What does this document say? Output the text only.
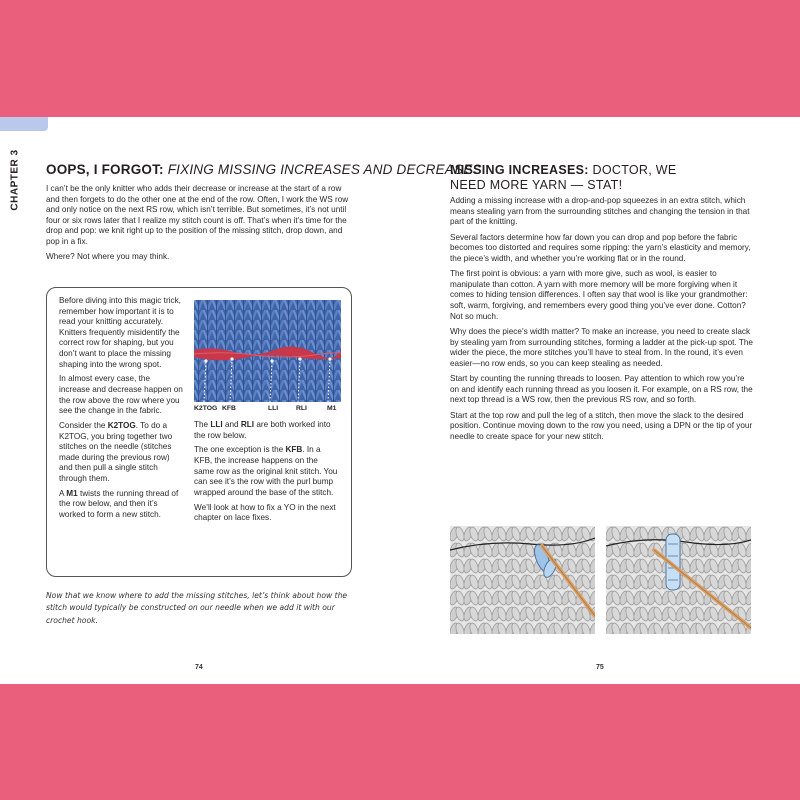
CHAPTER 3 OOPS, I FORGOT: FIXING MISSING INCREASES AND DECREASES

I can’t be the only knitter who adds their decrease or increase at the start of a row and then forgets to do the other one at the end of the row. Often, I work the WS row and only notice on the next RS row, which isn’t terrible. But sometimes, it’s not until four or six rows later that I realize my stitch count is off. That’s when it’s time for the drop and pop: we knit right up to the position of the missing stitch, drop down, and pop in a fix.

Where? Not where you may think.

Before diving into this magic trick, remember how important it is to read your knitting accurately. Knitters frequently misidentify the correct row for shaping, but you don’t want to place the missing shaping into the wrong spot.

In almost every case, the increase and decrease happen on the row above the row where you see the change in the fabric.

Consider the K2TOG. To do a K2TOG, you bring together two stitches on the needle (stitches made during the previous row) and then pull a single stitch through them.

A M1 twists the running thread of the row below, and then it’s worked to form a new stitch.

K2TOG KFB	LLI	RLI	M1

The LLI and RLI are both worked into the row below.

The one exception is the KFB. In a KFB, the increase happens on the same row as the original knit stitch. You can see it’s the row with the purl bump wrapped around the base of the stitch.

We’ll look at how to fix a YO in the next chapter on lace fixes.

Now that we know where to add the missing stitches, let’s think about how the stitch would typically be constructed on our needle when we add it with our crochet hook.
74
MISSING INCREASES: DOCTOR, WE NEED MORE YARN — STAT!

Adding a missing increase with a drop-and-pop squeezes in an extra stitch, which means stealing yarn from the surrounding stitches and changing the tension in that part of the knitting.

Several factors determine how far down you can drop and pop before the fabric becomes too distorted and requires some ripping: the yarn’s elasticity and memory, the piece’s width, and whether you’re working flat or in the round.

The first point is obvious: a yarn with more give, such as wool, is easier to manipulate than cotton. A yarn with more memory will be more forgiving when it comes to hiding tension differences. I often say that wool is like your grandmother: soft, warm, forgiving, and remembers every good thing you’ve ever done. Cotton? Not so much.

Why does the piece’s width matter? To make an increase, you need to create slack by stealing yarn from surrounding stitches, forming a ladder at the pick-up spot. The wider the piece, the more stitches you’ll have to steal from. In the round, it’s even easier—no row ends, so you can keep stealing as needed.

Start by counting the running threads to loosen. Pay attention to which row you’re on and identify each running thread as you loosen it. For example, on a RS row, the next top thread is a WS row, then the previous RS row, and so forth.

Start at the top row and pull the leg of a stitch, then move the slack to the desired position. Continue moving down to the row you need, using a DPN or the tip of your needle to create space for your new stitch.

75
